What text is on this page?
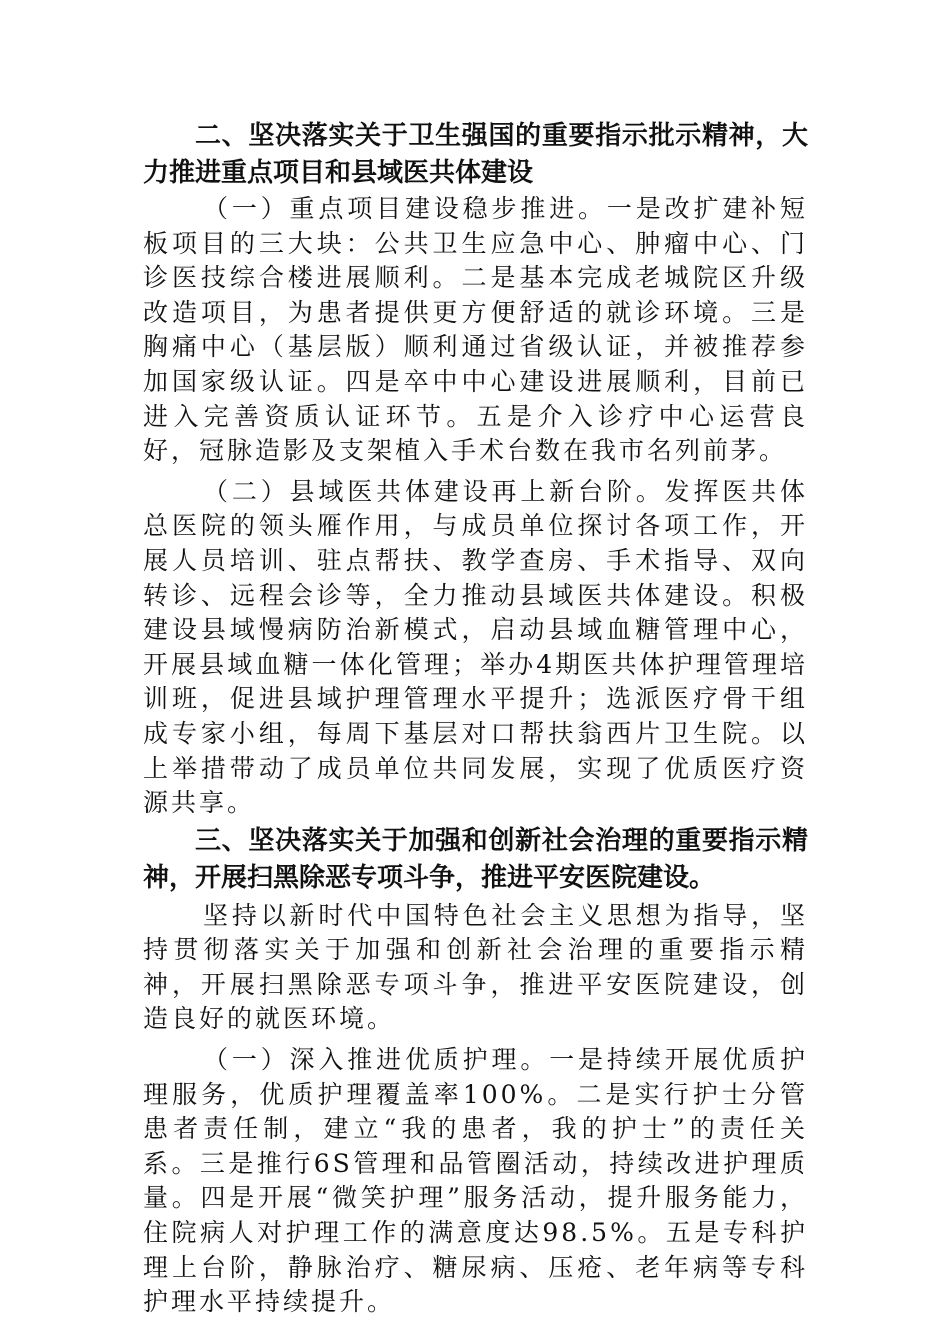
二、坚决落实关于卫生强国的重要指示批示精神，大力推进重点项目和县域医共体建设

（一）重点项目建设稳步推进。一是改扩建补短板项目的三大块：公共卫生应急中心、肿瘤中心、门诊医技综合楼进展顺利。二是基本完成老城院区升级改造项目，为患者提供更方便舒适的就诊环境。三是胸痛中心（基层版）顺利通过省级认证，并被推荐参加国家级认证。四是卒中中心建设进展顺利，目前已进入完善资质认证环节。五是介入诊疗中心运营良好，冠脉造影及支架植入手术台数在我市名列前茅。

（二）县域医共体建设再上新台阶。发挥医共体总医院的领头雁作用，与成员单位探讨各项工作，开展人员培训、驻点帮扶、教学查房、手术指导、双向转诊、远程会诊等，全力推动县域医共体建设。积极建设县域慢病防治新模式，启动县域血糖管理中心，开展县域血糖一体化管理；举办4期医共体护理管理培训班，促进县域护理管理水平提升；选派医疗骨干组成专家小组，每周下基层对口帮扶翁西片卫生院。以上举措带动了成员单位共同发展，实现了优质医疗资源共享。

三、坚决落实关于加强和创新社会治理的重要指示精神，开展扫黑除恶专项斗争，推进平安医院建设。

坚持以新时代中国特色社会主义思想为指导，坚持贯彻落实关于加强和创新社会治理的重要指示精神，开展扫黑除恶专项斗争，推进平安医院建设，创造良好的就医环境。

（一）深入推进优质护理。一是持续开展优质护理服务，优质护理覆盖率100%。二是实行护士分管患者责任制，建立“我的患者，我的护士”的责任关系。三是推行6S管理和品管圈活动，持续改进护理质量。四是开展“微笑护理”服务活动，提升服务能力，住院病人对护理工作的满意度达98.5%。五是专科护理上台阶，静脉治疗、糖尿病、压疮、老年病等专科护理水平持续提升。
